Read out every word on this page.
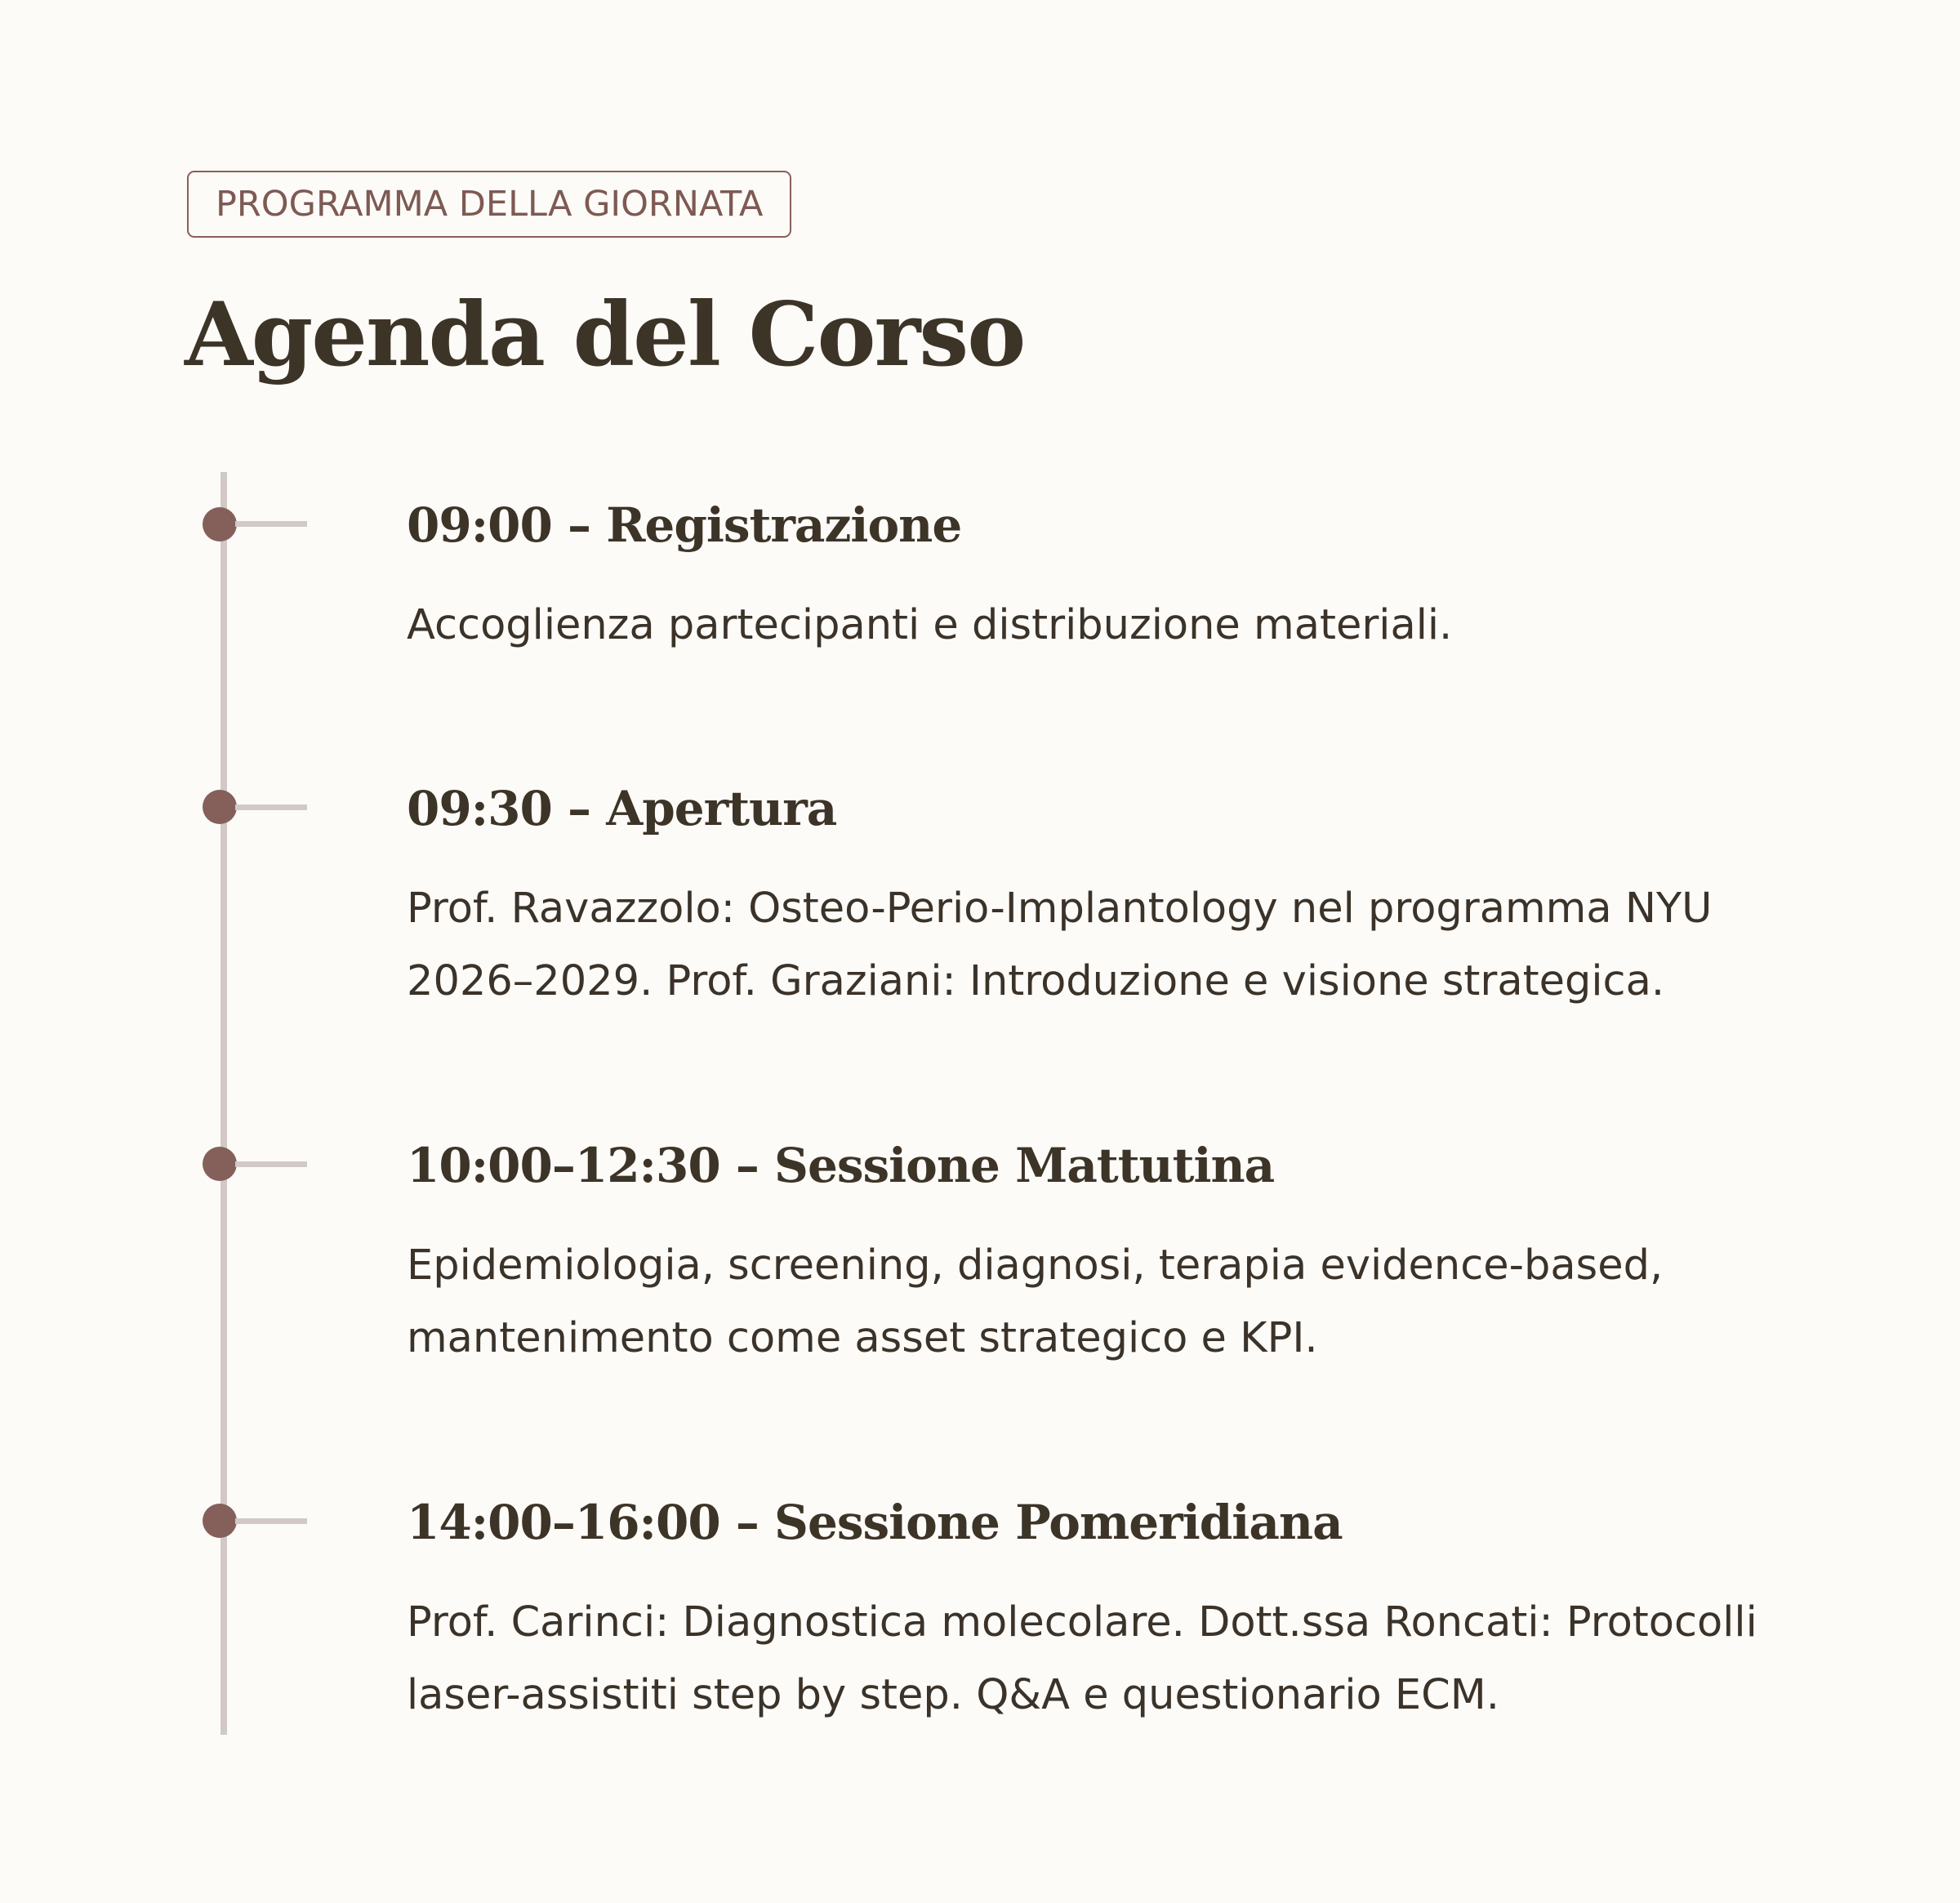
PROGRAMMA DELLA GIORNATA
Agenda del Corso
09:00 – Registrazione

Accoglienza partecipanti e distribuzione materiali.

09:30 – Apertura

Prof. Ravazzolo: Osteo-Perio-Implantology nel programma NYU 2026–2029. Prof. Graziani: Introduzione e visione strategica.

10:00–12:30 – Sessione Mattutina

Epidemiologia, screening, diagnosi, terapia evidence-based, mantenimento come asset strategico e KPI.

14:00–16:00 – Sessione Pomeridiana

Prof. Carinci: Diagnostica molecolare. Dott.ssa Roncati: Protocolli laser-assistiti step by step. Q&A e questionario ECM.
